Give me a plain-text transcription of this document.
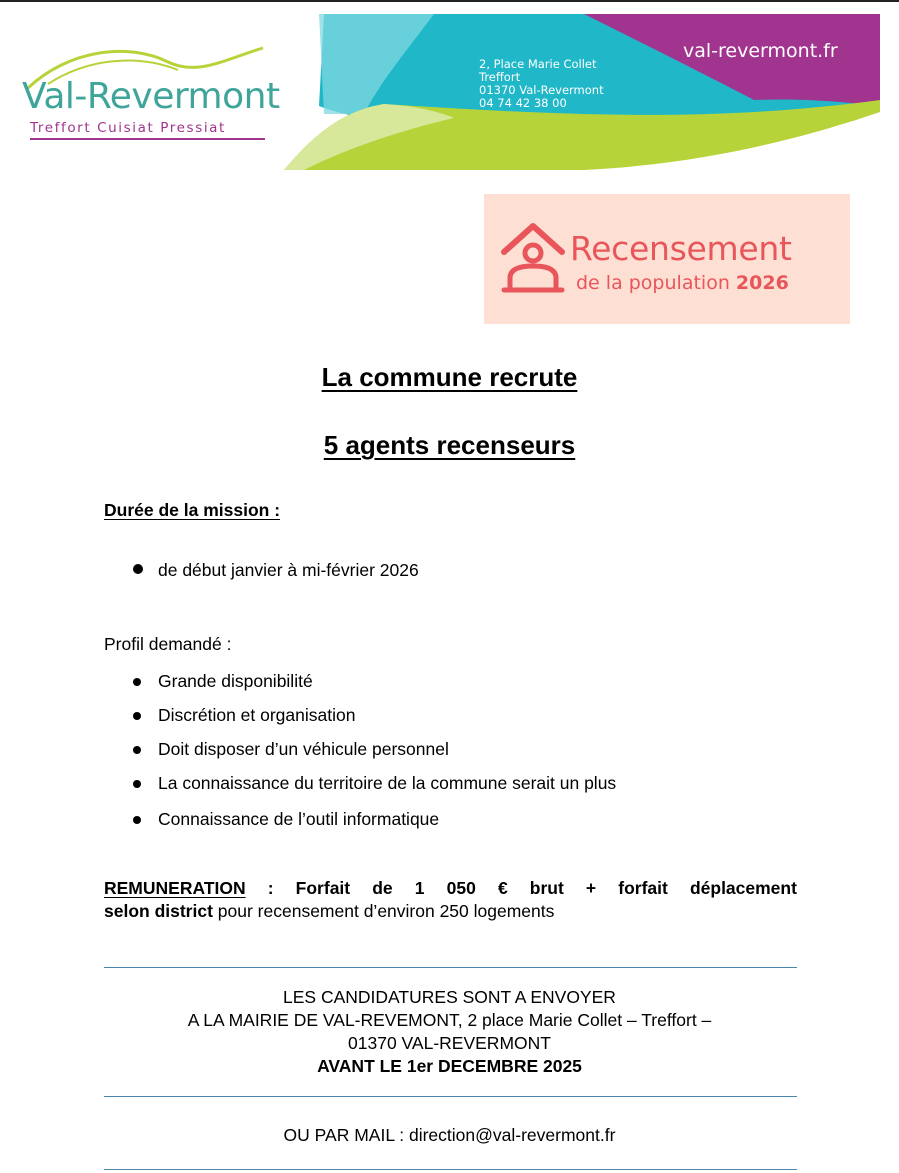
Val-Revermont
Treffort Cuisiat Pressiat
2, Place Marie Collet
Treffort
01370 Val-Revermont
04 74 42 38 00
val-revermont.fr
Recensement
de la population 2026
La commune recrute
5 agents recenseurs
Durée de la mission :
de début janvier à mi-février 2026
Profil demandé :
Grande disponibilité
Discrétion et organisation
Doit disposer d’un véhicule personnel
La connaissance du territoire de la commune serait un plus
Connaissance de l’outil informatique
REMUNERATION : Forfait de 1 050 € brut + forfait déplacement
selon district pour recensement d’environ 250 logements
LES CANDIDATURES SONT A ENVOYER
A LA MAIRIE DE VAL-REVEMONT, 2 place Marie Collet – Treffort –
01370 VAL-REVERMONT
AVANT LE 1er DECEMBRE 2025
OU PAR MAIL : direction@val-revermont.fr
